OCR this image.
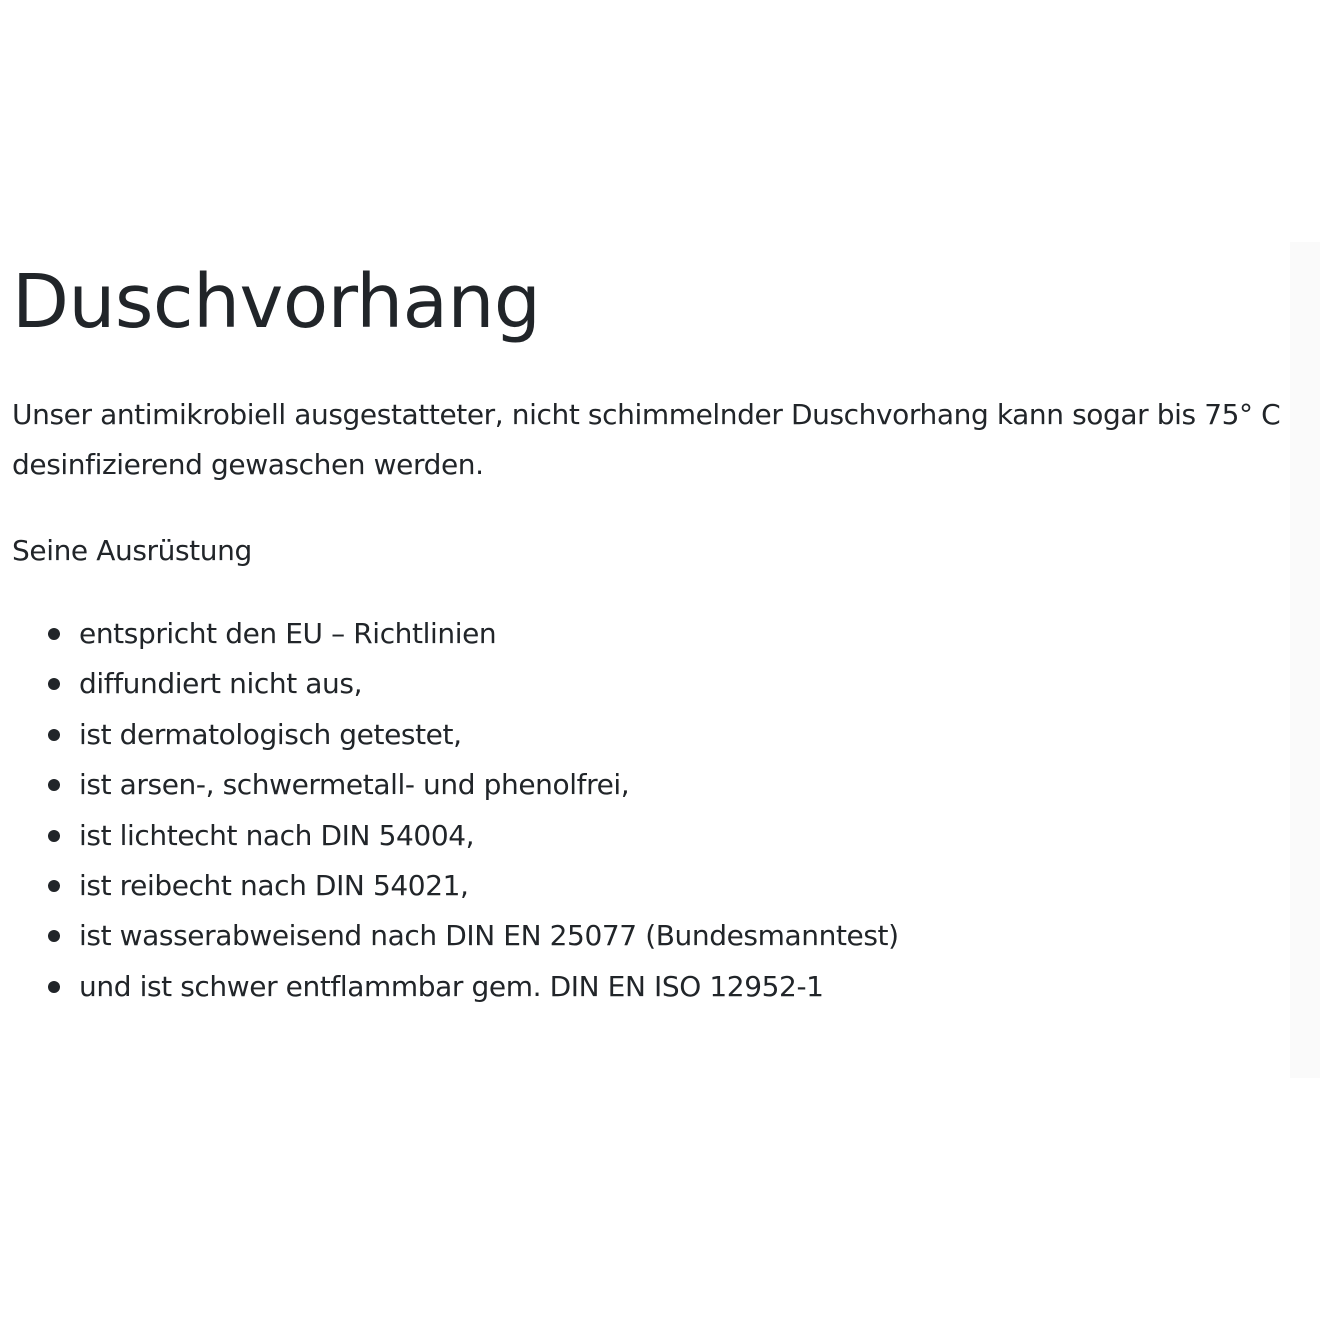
Duschvorhang

Unser antimikrobiell ausgestatteter, nicht schimmelnder Duschvorhang kann sogar bis 75° C desinfizierend gewaschen werden.

Seine Ausrüstung

entspricht den EU – Richtlinien
diffundiert nicht aus,
ist dermatologisch getestet,
ist arsen-, schwermetall- und phenolfrei,
ist lichtecht nach DIN 54004,
ist reibecht nach DIN 54021,
ist wasserabweisend nach DIN EN 25077 (Bundesmanntest)
und ist schwer entflammbar gem. DIN EN ISO 12952-1
